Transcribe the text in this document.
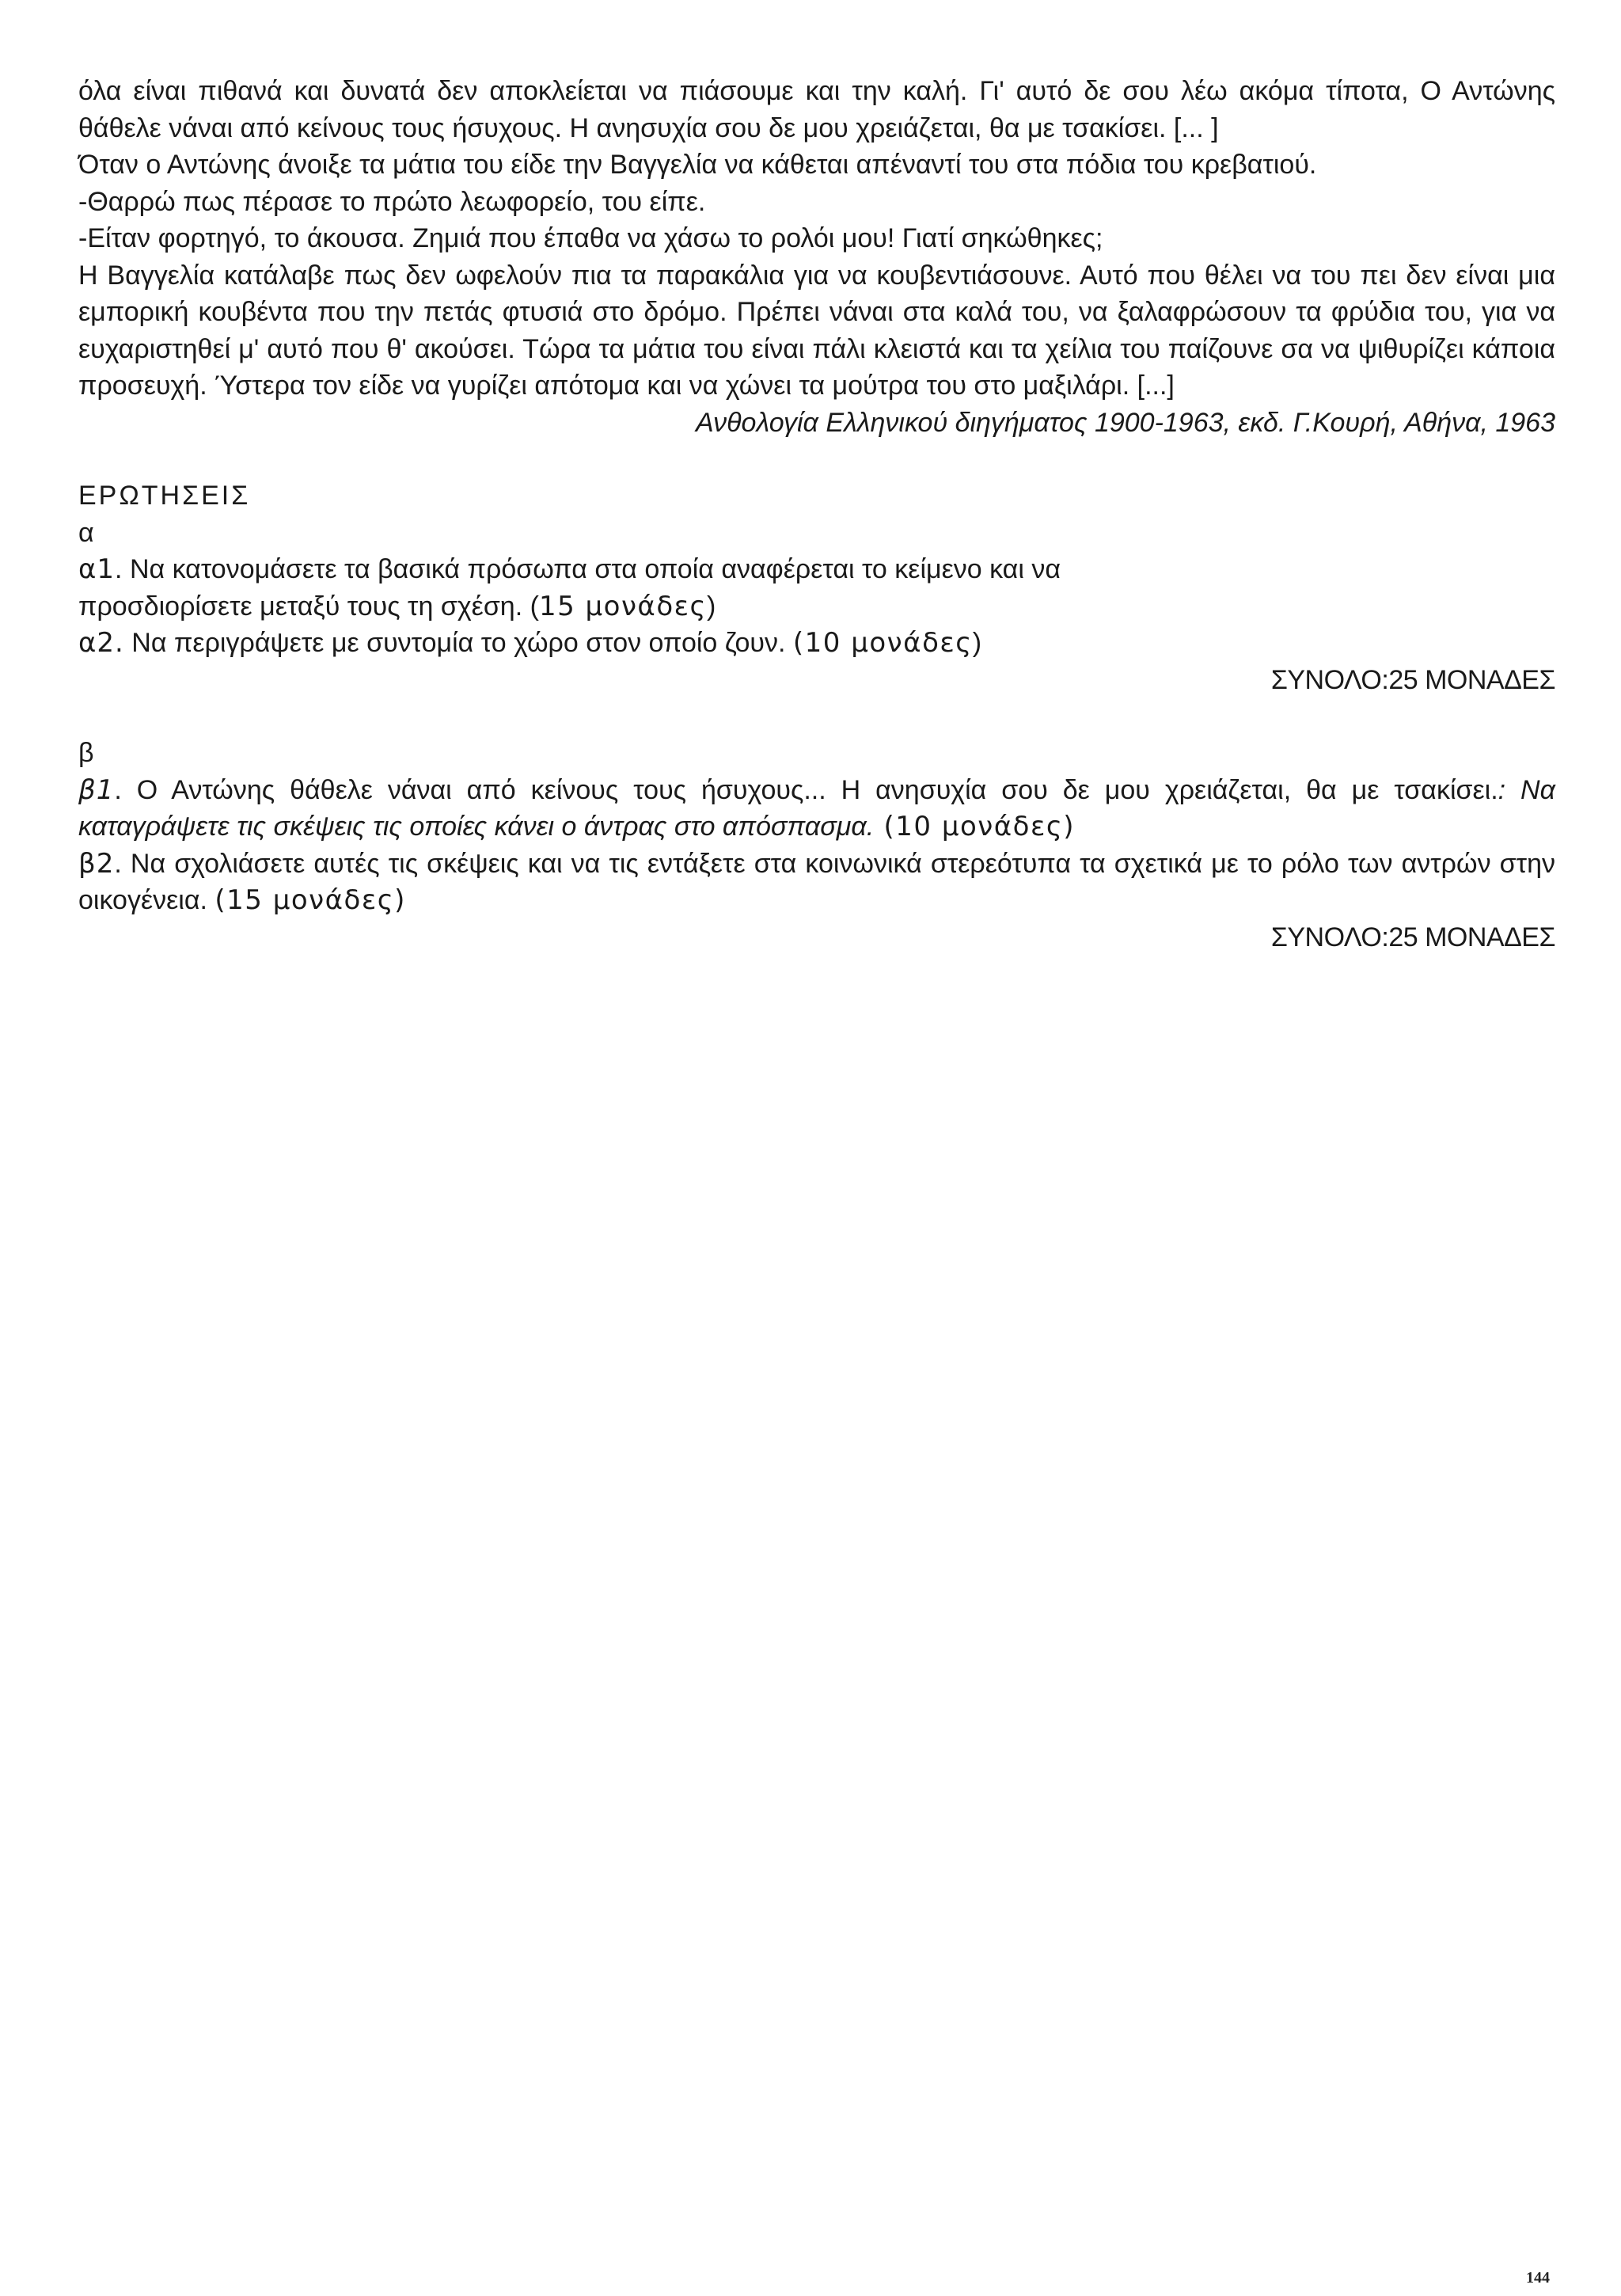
όλα είναι πιθανά και δυνατά δεν αποκλείεται να πιάσουμε και την καλή. Γι' αυτό δε σου λέω ακόμα τίποτα, Ο Αντώνης θάθελε νάναι από κείνους τους ήσυχους. Η ανησυχία σου δε μου χρειάζεται, θα με τσακίσει. [... ]

Όταν ο Αντώνης άνοιξε τα μάτια του είδε την Βαγγελία να κάθεται απέναντί του στα πόδια του κρεβατιού.

-Θαρρώ πως πέρασε το πρώτο λεωφορείο, του είπε.

-Είταν φορτηγό, το άκουσα. Ζημιά που έπαθα να χάσω το ρολόι μου! Γιατί σηκώθηκες;

Η Βαγγελία κατάλαβε πως δεν ωφελούν πια τα παρακάλια για να κουβεντιάσουνε. Αυτό που θέλει να του πει δεν είναι μια εμπορική κουβέντα που την πετάς φτυσιά στο δρόμο. Πρέπει νάναι στα καλά του, να ξαλαφρώσουν τα φρύδια του, για να ευχαριστηθεί μ' αυτό που θ' ακούσει. Τώρα τα μάτια του είναι πάλι κλειστά και τα χείλια του παίζουνε σα να ψιθυρίζει κάποια προσευχή. Ύστερα τον είδε να γυρίζει απότομα και να χώνει τα μούτρα του στο μαξιλάρι. [...]

Ανθολογία Ελληνικού διηγήματος 1900-1963, εκδ. Γ.Κουρή, Αθήνα, 1963

ΕΡΩΤΗΣΕΙΣ

α

α1. Να κατονομάσετε τα βασικά πρόσωπα στα οποία αναφέρεται το κείμενο και να
προσδιορίσετε μεταξύ τους τη σχέση. (15 μονάδες)

α2. Να περιγράψετε με συντομία το χώρο στον οποίο ζουν. (10 μονάδες)

ΣΥΝΟΛΟ:25 ΜΟΝΑΔΕΣ

β

β1. Ο Αντώνης θάθελε νάναι από κείνους τους ήσυχους... Η ανησυχία σου δε μου χρειάζεται, θα με τσακίσει.: Να καταγράψετε τις σκέψεις τις οποίες κάνει ο άντρας στο απόσπασμα. (10 μονάδες)

β2. Να σχολιάσετε αυτές τις σκέψεις και να τις εντάξετε στα κοινωνικά στερεότυπα τα σχετικά με το ρόλο των αντρών στην οικογένεια. (15 μονάδες)

ΣΥΝΟΛΟ:25 ΜΟΝΑΔΕΣ

144
